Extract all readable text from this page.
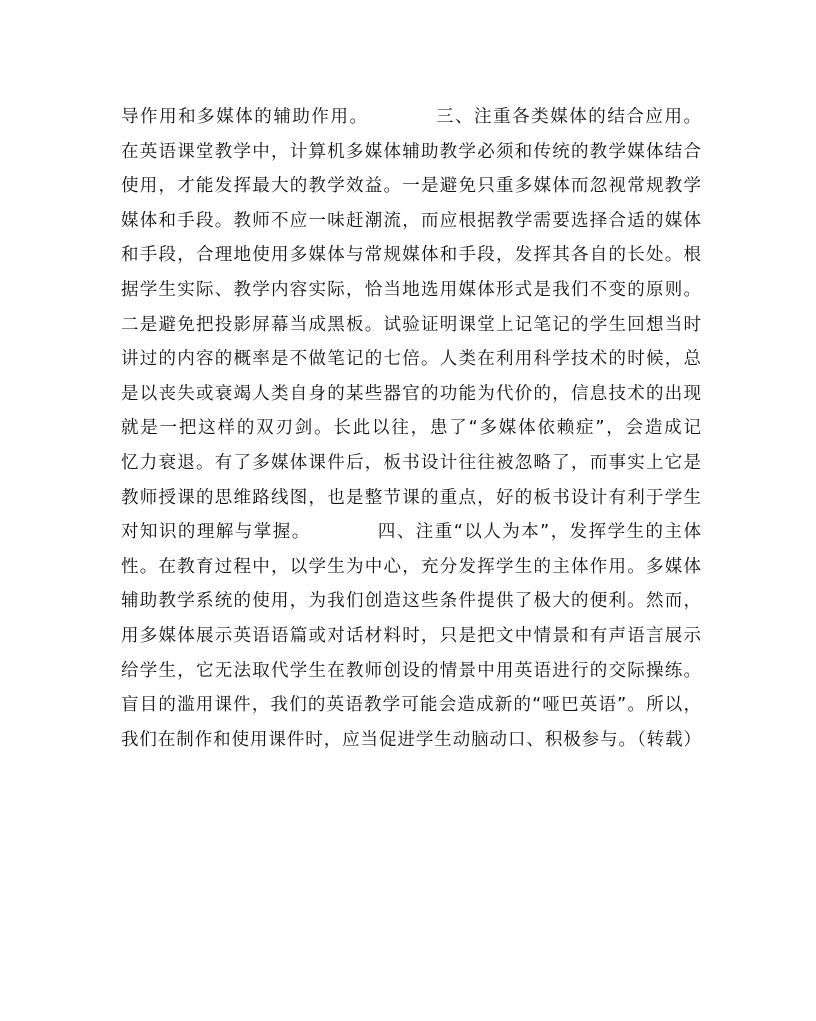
导作用和多媒体的辅助作用。　　　　三、注重各类媒体的结合应用。
在英语课堂教学中，计算机多媒体辅助教学必须和传统的教学媒体结合
使用，才能发挥最大的教学效益。一是避免只重多媒体而忽视常规教学
媒体和手段。教师不应一味赶潮流，而应根据教学需要选择合适的媒体
和手段，合理地使用多媒体与常规媒体和手段，发挥其各自的长处。根
据学生实际、教学内容实际，恰当地选用媒体形式是我们不变的原则。
二是避免把投影屏幕当成黑板。试验证明课堂上记笔记的学生回想当时
讲过的内容的概率是不做笔记的七倍。人类在利用科学技术的时候，总
是以丧失或衰竭人类自身的某些器官的功能为代价的，信息技术的出现
就是一把这样的双刃剑。长此以往，患了“多媒体依赖症”，会造成记
忆力衰退。有了多媒体课件后，板书设计往往被忽略了，而事实上它是
教师授课的思维路线图，也是整节课的重点，好的板书设计有利于学生
对知识的理解与掌握。　　　　四、注重“以人为本”，发挥学生的主体
性。在教育过程中，以学生为中心，充分发挥学生的主体作用。多媒体
辅助教学系统的使用，为我们创造这些条件提供了极大的便利。然而，
用多媒体展示英语语篇或对话材料时，只是把文中情景和有声语言展示
给学生，它无法取代学生在教师创设的情景中用英语进行的交际操练。
盲目的滥用课件，我们的英语教学可能会造成新的“哑巴英语”。所以，
我们在制作和使用课件时，应当促进学生动脑动口、积极参与。（转载）
